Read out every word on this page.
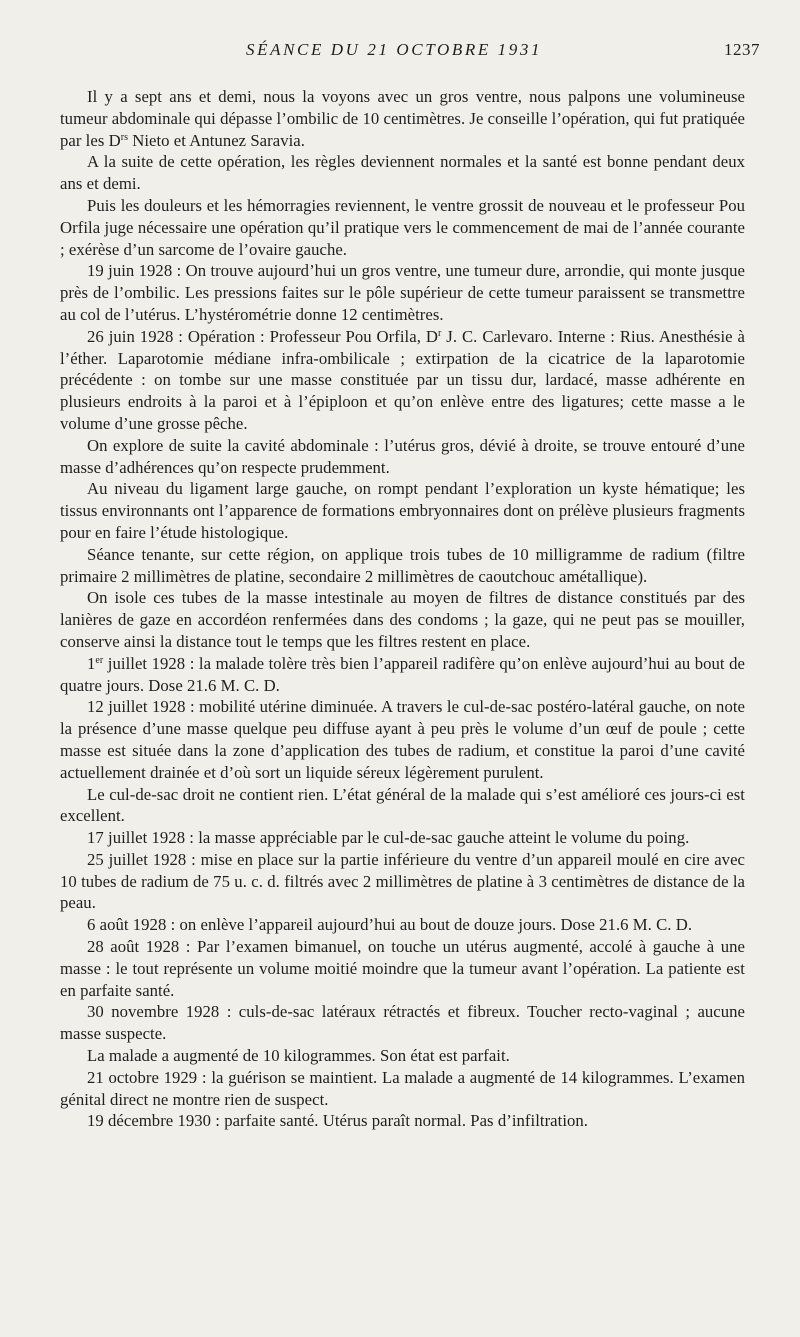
SÉANCE DU 21 OCTOBRE 1931	1237

Il y a sept ans et demi, nous la voyons avec un gros ventre, nous palpons une volumineuse tumeur abdominale qui dépasse l’ombilic de 10 centimètres. Je conseille l’opération, qui fut pratiquée par les $D^{rs}$ Nieto et Antunez Saravia.

A la suite de cette opération, les règles deviennent normales et la santé est bonne pendant deux ans et demi.

Puis les douleurs et les hémorragies reviennent, le ventre grossit de nouveau et le professeur Pou Orfila juge nécessaire une opération qu’il pratique vers le commencement de mai de l’année courante ; exérèse d’un sarcome de l’ovaire gauche.

19 juin 1928 : On trouve aujourd’hui un gros ventre, une tumeur dure, arrondie, qui monte jusque près de l’ombilic. Les pressions faites sur le pôle supérieur de cette tumeur paraissent se transmettre au col de l’utérus. L’hystérométrie donne 12 centimètres.

26 juin 1928 : Opération : Professeur Pou Orfila, $D^r$ J. C. Carlevaro. Interne : Rius. Anesthésie à l’éther. Laparotomie médiane infra-ombilicale ; extirpation de la cicatrice de la laparotomie précédente : on tombe sur une masse constituée par un tissu dur, lardacé, masse adhérente en plusieurs endroits à la paroi et à l’épiploon et qu’on enlève entre des ligatures; cette masse a le volume d’une grosse pêche.

On explore de suite la cavité abdominale : l’utérus gros, dévié à droite, se trouve entouré d’une masse d’adhérences qu’on respecte prudemment.

Au niveau du ligament large gauche, on rompt pendant l’exploration un kyste hématique; les tissus environnants ont l’apparence de formations embryonnaires dont on prélève plusieurs fragments pour en faire l’étude histologique.

Séance tenante, sur cette région, on applique trois tubes de 10 milligramme de radium (filtre primaire 2 millimètres de platine, secondaire 2 millimètres de caoutchouc amétallique).

On isole ces tubes de la masse intestinale au moyen de filtres de distance constitués par des lanières de gaze en accordéon renfermées dans des condoms ; la gaze, qui ne peut pas se mouiller, conserve ainsi la distance tout le temps que les filtres restent en place.

1er juillet 1928 : la malade tolère très bien l’appareil radifère qu’on enlève aujourd’hui au bout de quatre jours. Dose 21.6 M. C. D.

12 juillet 1928 : mobilité utérine diminuée. A travers le cul-de-sac postéro-latéral gauche, on note la présence d’une masse quelque peu diffuse ayant à peu près le volume d’un œuf de poule ; cette masse est située dans la zone d’application des tubes de radium, et constitue la paroi d’une cavité actuellement drainée et d’où sort un liquide séreux légèrement purulent.

Le cul-de-sac droit ne contient rien. L’état général de la malade qui s’est amélioré ces jours-ci est excellent.

17 juillet 1928 : la masse appréciable par le cul-de-sac gauche atteint le volume du poing.

25 juillet 1928 : mise en place sur la partie inférieure du ventre d’un appareil moulé en cire avec 10 tubes de radium de 75 u. c. d. filtrés avec 2 millimètres de platine à 3 centimètres de distance de la peau.

6 août 1928 : on enlève l’appareil aujourd’hui au bout de douze jours. Dose 21.6 M. C. D.

28 août 1928 : Par l’examen bimanuel, on touche un utérus augmenté, accolé à gauche à une masse : le tout représente un volume moitié moindre que la tumeur avant l’opération. La patiente est en parfaite santé.

30 novembre 1928 : culs-de-sac latéraux rétractés et fibreux. Toucher recto-vaginal ; aucune masse suspecte.

La malade a augmenté de 10 kilogrammes. Son état est parfait.

21 octobre 1929 : la guérison se maintient. La malade a augmenté de 14 kilogrammes. L’examen génital direct ne montre rien de suspect.

19 décembre 1930 : parfaite santé. Utérus paraît normal. Pas d’infiltration.
